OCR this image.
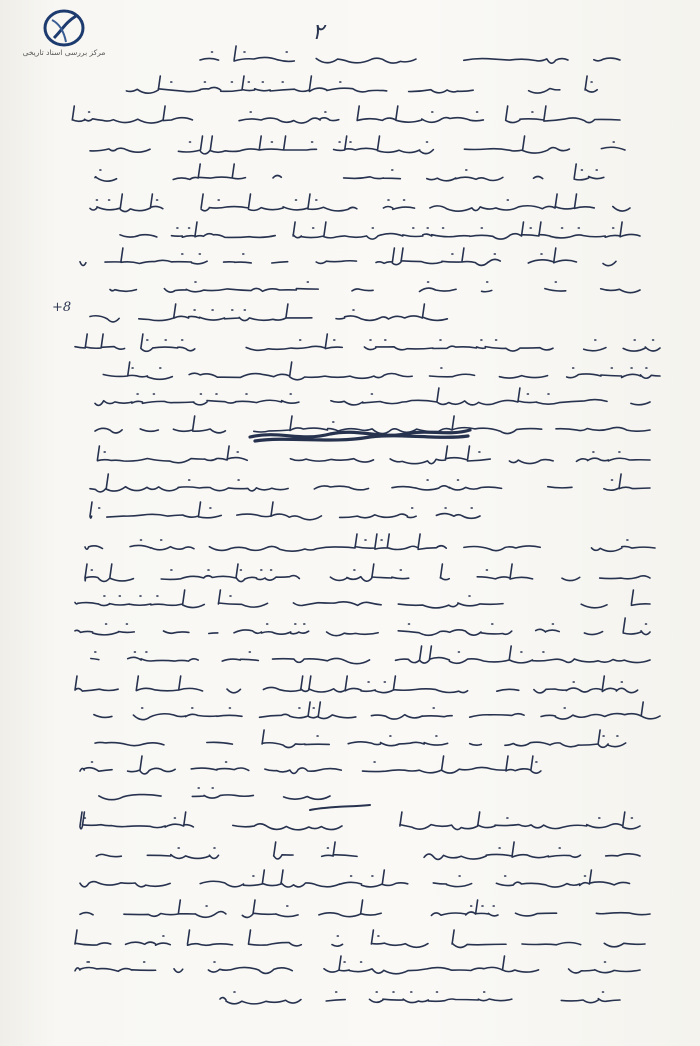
مرکز بررسی اسناد تاریخی
۲
+8
